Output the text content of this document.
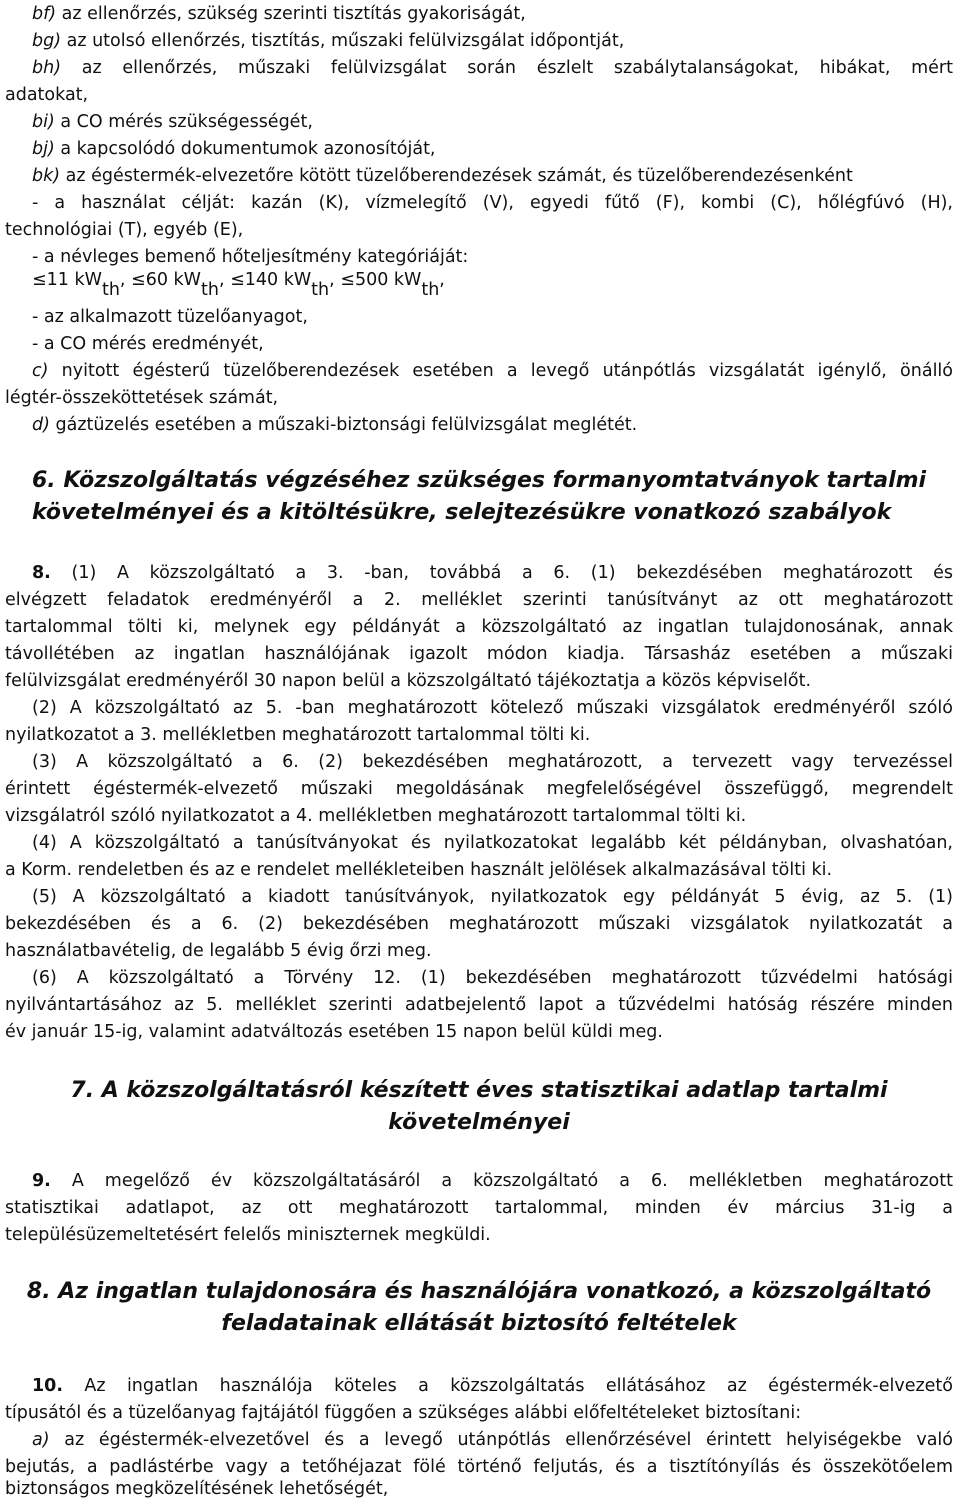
bf) az ellenőrzés, szükség szerinti tisztítás gyakoriságát,
bg) az utolsó ellenőrzés, tisztítás, műszaki felülvizsgálat időpontját,
bh) az ellenőrzés, műszaki felülvizsgálat során észlelt szabálytalanságokat, hibákat, mért
adatokat,
bi) a CO mérés szükségességét,
bj) a kapcsolódó dokumentumok azonosítóját,
bk) az égéstermék-elvezetőre kötött tüzelőberendezések számát, és tüzelőberendezésenként
- a használat célját: kazán (K), vízmelegítő (V), egyedi fűtő (F), kombi (C), hőlégfúvó (H),
technológiai (T), egyéb (E),
- a névleges bemenő hőteljesítmény kategóriáját:
≤11 kWth, ≤60 kWth, ≤140 kWth, ≤500 kWth,
- az alkalmazott tüzelőanyagot,
- a CO mérés eredményét,
c) nyitott égésterű tüzelőberendezések esetében a levegő utánpótlás vizsgálatát igénylő, önálló
légtér-összeköttetések számát,
d) gáztüzelés esetében a műszaki-biztonsági felülvizsgálat meglétét.
6. Közszolgáltatás végzéséhez szükséges formanyomtatványok tartalmi
követelményei és a kitöltésükre, selejtezésükre vonatkozó szabályok
8. (1) A közszolgáltató a 3. -ban, továbbá a 6. (1) bekezdésében meghatározott és
elvégzett feladatok eredményéről a 2. melléklet szerinti tanúsítványt az ott meghatározott
tartalommal tölti ki, melynek egy példányát a közszolgáltató az ingatlan tulajdonosának, annak
távollétében az ingatlan használójának igazolt módon kiadja. Társasház esetében a műszaki
felülvizsgálat eredményéről 30 napon belül a közszolgáltató tájékoztatja a közös képviselőt.
(2) A közszolgáltató az 5. -ban meghatározott kötelező műszaki vizsgálatok eredményéről szóló
nyilatkozatot a 3. mellékletben meghatározott tartalommal tölti ki.
(3) A közszolgáltató a 6. (2) bekezdésében meghatározott, a tervezett vagy tervezéssel
érintett égéstermék-elvezető műszaki megoldásának megfelelőségével összefüggő, megrendelt
vizsgálatról szóló nyilatkozatot a 4. mellékletben meghatározott tartalommal tölti ki.
(4) A közszolgáltató a tanúsítványokat és nyilatkozatokat legalább két példányban, olvashatóan,
a Korm. rendeletben és az e rendelet mellékleteiben használt jelölések alkalmazásával tölti ki.
(5) A közszolgáltató a kiadott tanúsítványok, nyilatkozatok egy példányát 5 évig, az 5. (1)
bekezdésében és a 6. (2) bekezdésében meghatározott műszaki vizsgálatok nyilatkozatát a
használatbavételig, de legalább 5 évig őrzi meg.
(6) A közszolgáltató a Törvény 12. (1) bekezdésében meghatározott tűzvédelmi hatósági
nyilvántartásához az 5. melléklet szerinti adatbejelentő lapot a tűzvédelmi hatóság részére minden
év január 15-ig, valamint adatváltozás esetében 15 napon belül küldi meg.
7. A közszolgáltatásról készített éves statisztikai adatlap tartalmi
követelményei
9. A megelőző év közszolgáltatásáról a közszolgáltató a 6. mellékletben meghatározott
statisztikai adatlapot, az ott meghatározott tartalommal, minden év március 31-ig a
településüzemeltetésért felelős miniszternek megküldi.
8. Az ingatlan tulajdonosára és használójára vonatkozó, a közszolgáltató
feladatainak ellátását biztosító feltételek
10. Az ingatlan használója köteles a közszolgáltatás ellátásához az égéstermék-elvezető
típusától és a tüzelőanyag fajtájától függően a szükséges alábbi előfeltételeket biztosítani:
a) az égéstermék-elvezetővel és a levegő utánpótlás ellenőrzésével érintett helyiségekbe való
bejutás, a padlástérbe vagy a tetőhéjazat fölé történő feljutás, és a tisztítónyílás és összekötőelem
biztonságos megközelítésének lehetőségét,
